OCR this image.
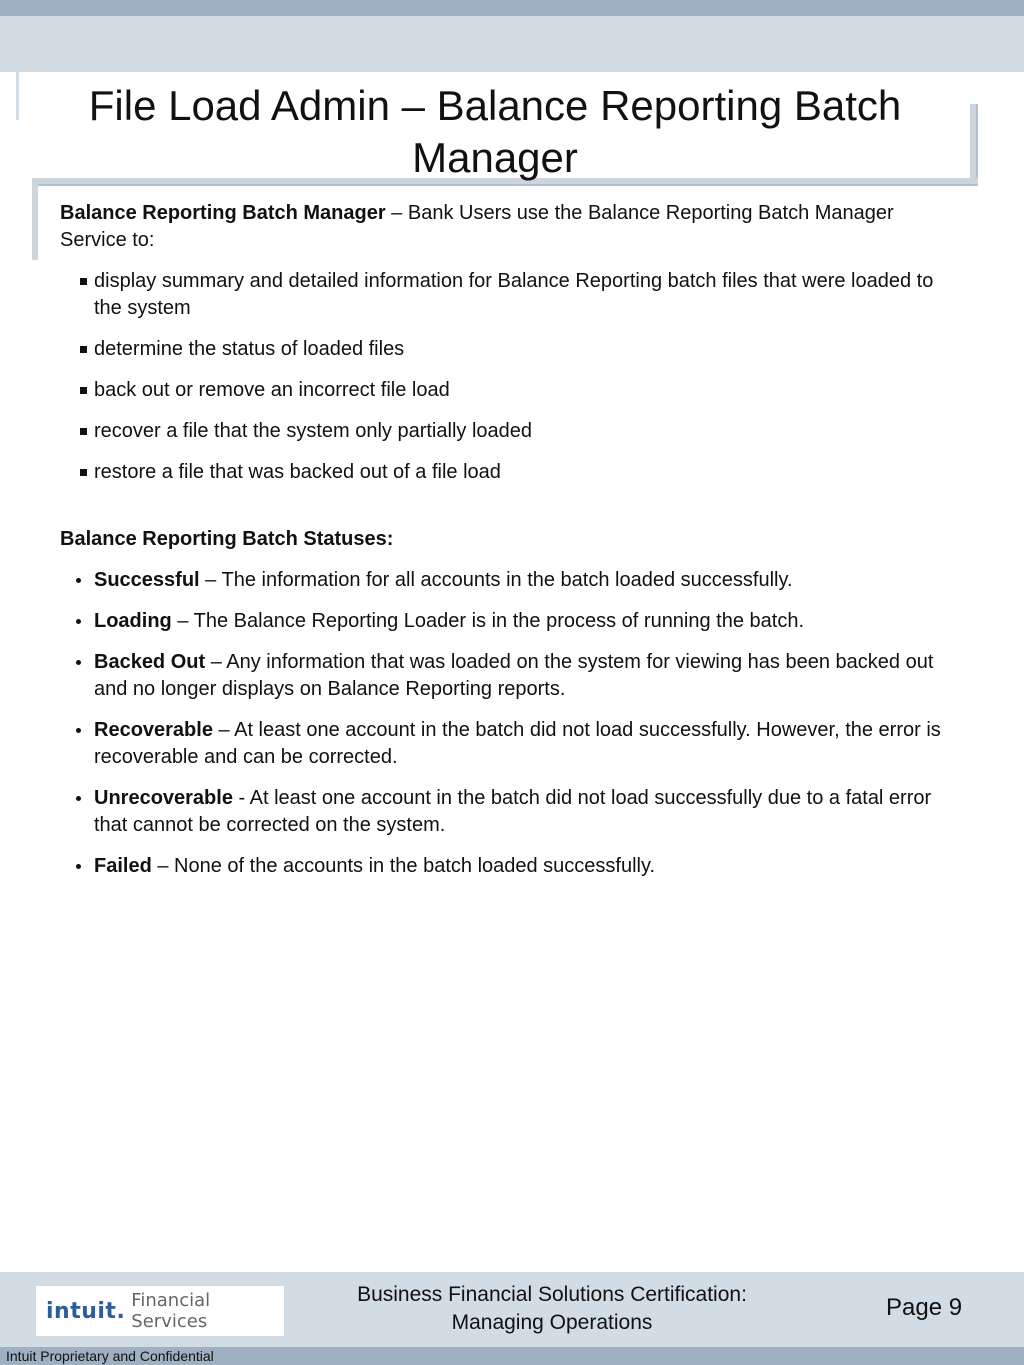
File Load Admin – Balance Reporting Batch Manager

Balance Reporting Batch Manager – Bank Users use the Balance Reporting Batch Manager Service to:

display summary and detailed information for Balance Reporting batch files that were loaded to the system
determine the status of loaded files
back out or remove an incorrect file load
recover a file that the system only partially loaded
restore a file that was backed out of a file load

Balance Reporting Batch Statuses:

Successful – The information for all accounts in the batch loaded successfully.
Loading – The Balance Reporting Loader is in the process of running the batch.
Backed Out – Any information that was loaded on the system for viewing has been backed out and no longer displays on Balance Reporting reports.
Recoverable – At least one account in the batch did not load successfully. However, the error is recoverable and can be corrected.
Unrecoverable - At least one account in the batch did not load successfully due to a fatal error that cannot be corrected on the system.
Failed – None of the accounts in the batch loaded successfully.
intuit. Financial Services
Business Financial Solutions Certification:
Managing Operations
Page 9
Intuit Proprietary and Confidential
